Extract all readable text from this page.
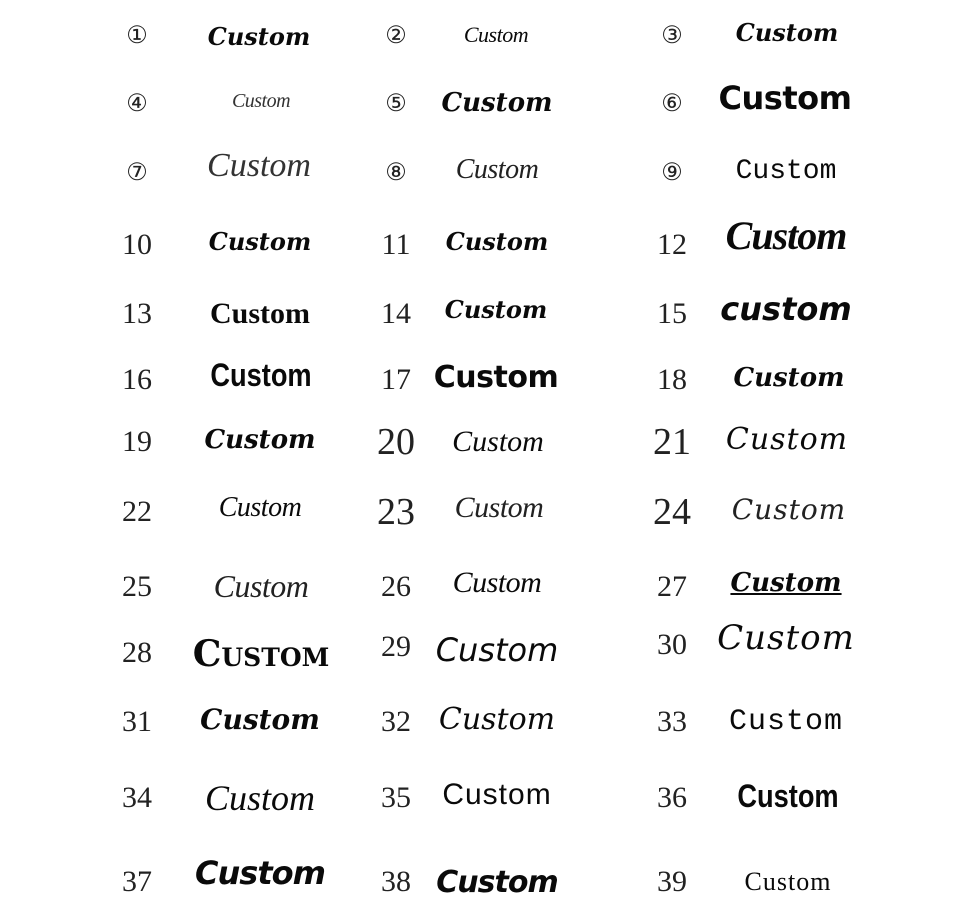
① Custom	②	Custom	③ Custom
④	Custom	⑤ Custom	⑥ Custom
⑦ Custom	⑧ Custom	⑨ Custom
10 Custom 11 Custom	12 Custom
13 Custom 14 Custom	15 custom
16 Custom 17 Custom	18 Custom
19 Custom 20 Custom	21 Custom
22 Custom 23 Custom	24 Custom
25 Custom 26 Custom	27 Custom
28 Custom 29 Custom	30 Custom
31 Custom 32 Custom	33 Custom
34 Custom 35 Custom	36 Custom
37 Custom 38 Custom	39 Custom
